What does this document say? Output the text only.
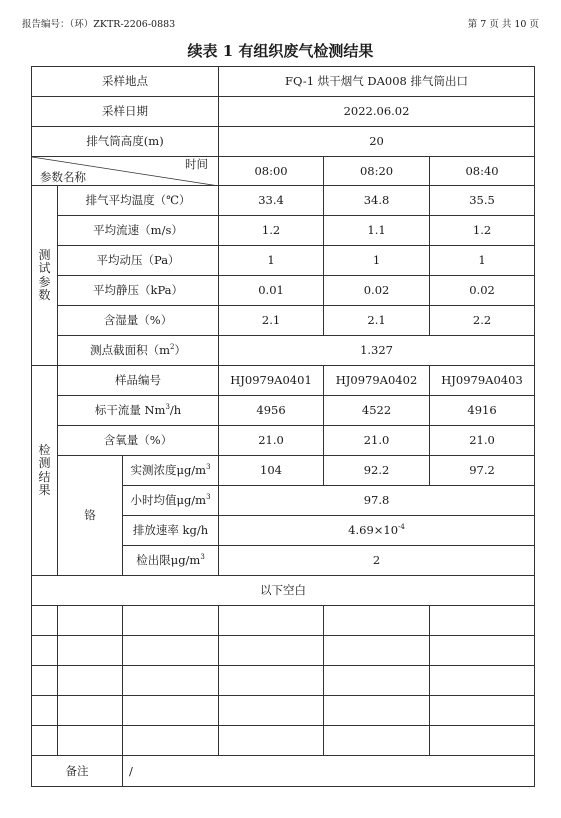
报告编号：（环）ZKTR-2206-0883	第 7 页 共 10 页
续表 1 有组织废气检测结果
采样地点			FQ-1 烘干烟气 DA008 排气筒出口		
采样日期			2022.06.02		
排气筒高度(m)			20		

时间
参数名称			08:00	08:20	08:40
测试参数	排气平均温度（℃）		33.4	34.8	35.5
	平均流速（m/s）		1.2	1.1	1.2
	平均动压（Pa）		1	1	1
	平均静压（kPa）		0.01	0.02	0.02
	含湿量（%）		2.1	2.1	2.2
	测点截面积$(m^2)$		1.327		
检测结果	样品编号		HJ0979A0401	HJ0979A0402	HJ0979A0403
	标干流量 Nm$^3$/h		4956	4522	4916
	含氧量（%）		21.0	21.0	21.0
	铬	实测浓度$\mu g/m^3$	104	92.2	97.2
		小时均值$\mu g/m^3$	97.8		
		排放速率 kg/h	$4.69\times 10^{-4}$
		检出限$\mu g/m^3$	2		
以下空白					

备注		/			
